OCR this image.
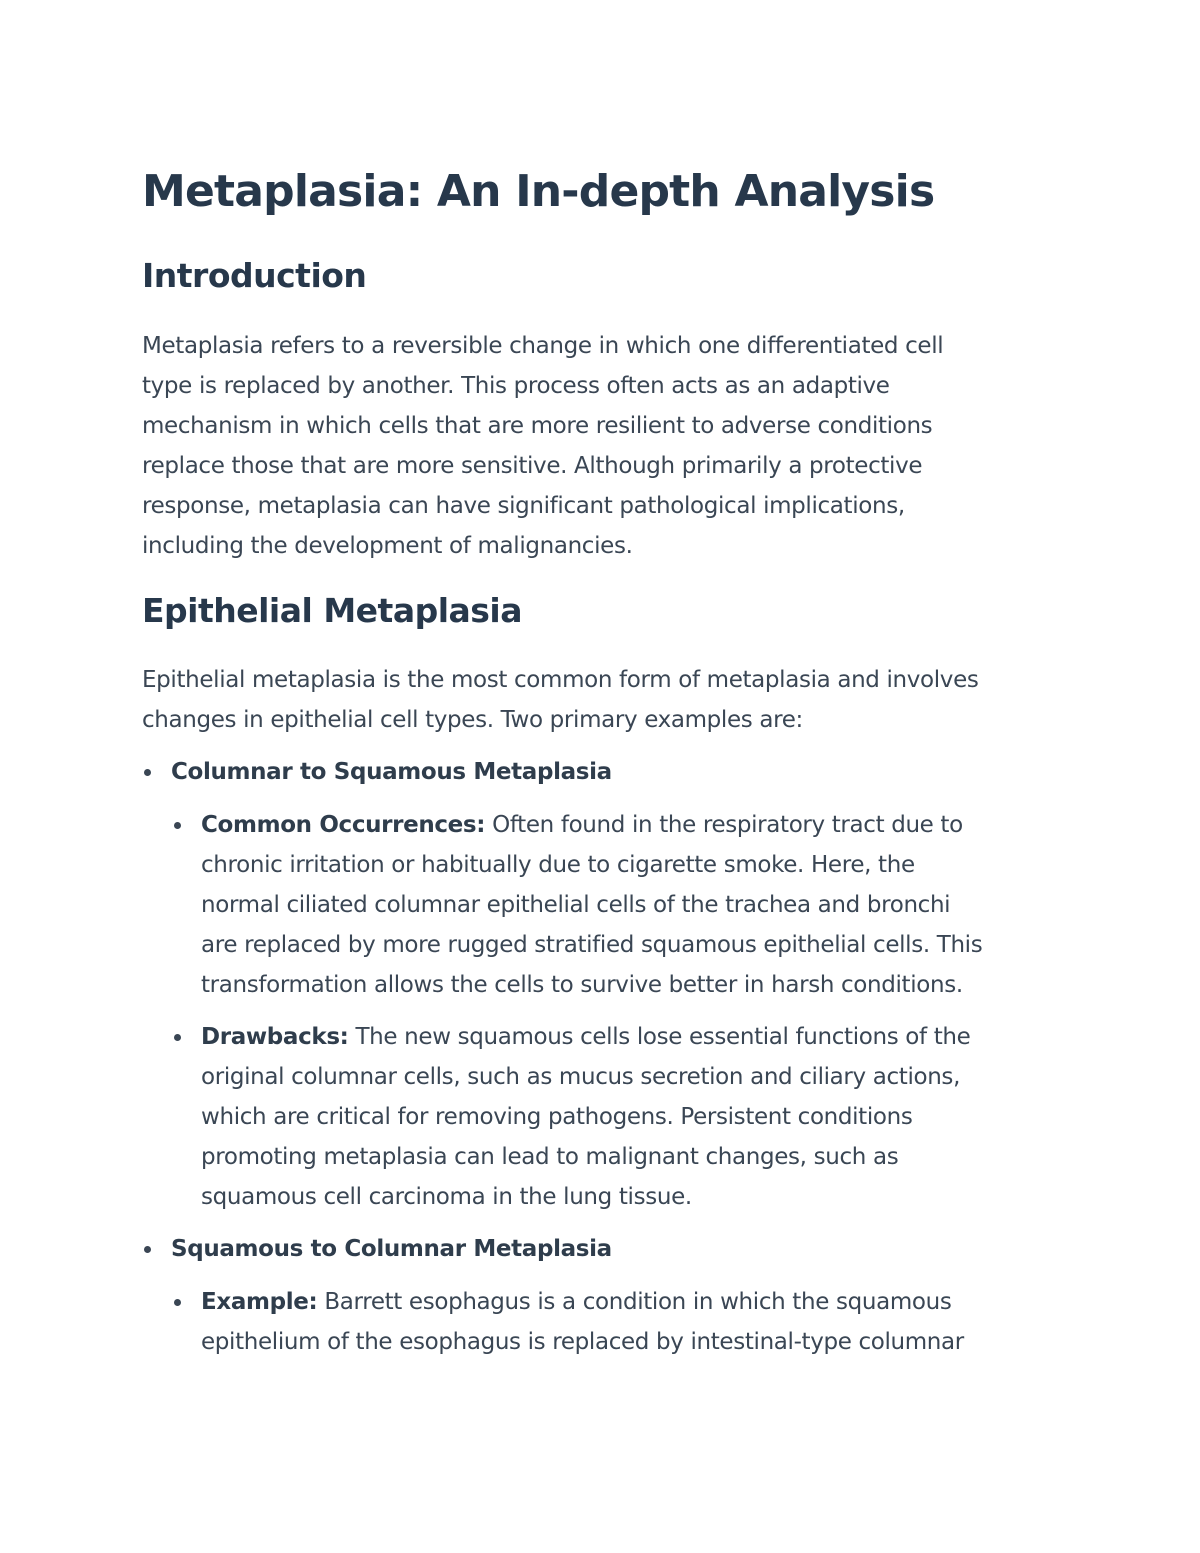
Metaplasia: An In-depth Analysis
Introduction
Metaplasia refers to a reversible change in which one differentiated cell
type is replaced by another. This process often acts as an adaptive
mechanism in which cells that are more resilient to adverse conditions
replace those that are more sensitive. Although primarily a protective
response, metaplasia can have significant pathological implications,
including the development of malignancies.
Epithelial Metaplasia
Epithelial metaplasia is the most common form of metaplasia and involves
changes in epithelial cell types. Two primary examples are:
Columnar to Squamous Metaplasia
Common Occurrences: Often found in the respiratory tract due to
chronic irritation or habitually due to cigarette smoke. Here, the
normal ciliated columnar epithelial cells of the trachea and bronchi
are replaced by more rugged stratified squamous epithelial cells. This
transformation allows the cells to survive better in harsh conditions.
Drawbacks: The new squamous cells lose essential functions of the
original columnar cells, such as mucus secretion and ciliary actions,
which are critical for removing pathogens. Persistent conditions
promoting metaplasia can lead to malignant changes, such as
squamous cell carcinoma in the lung tissue.
Squamous to Columnar Metaplasia
Example: Barrett esophagus is a condition in which the squamous
epithelium of the esophagus is replaced by intestinal-type columnar
